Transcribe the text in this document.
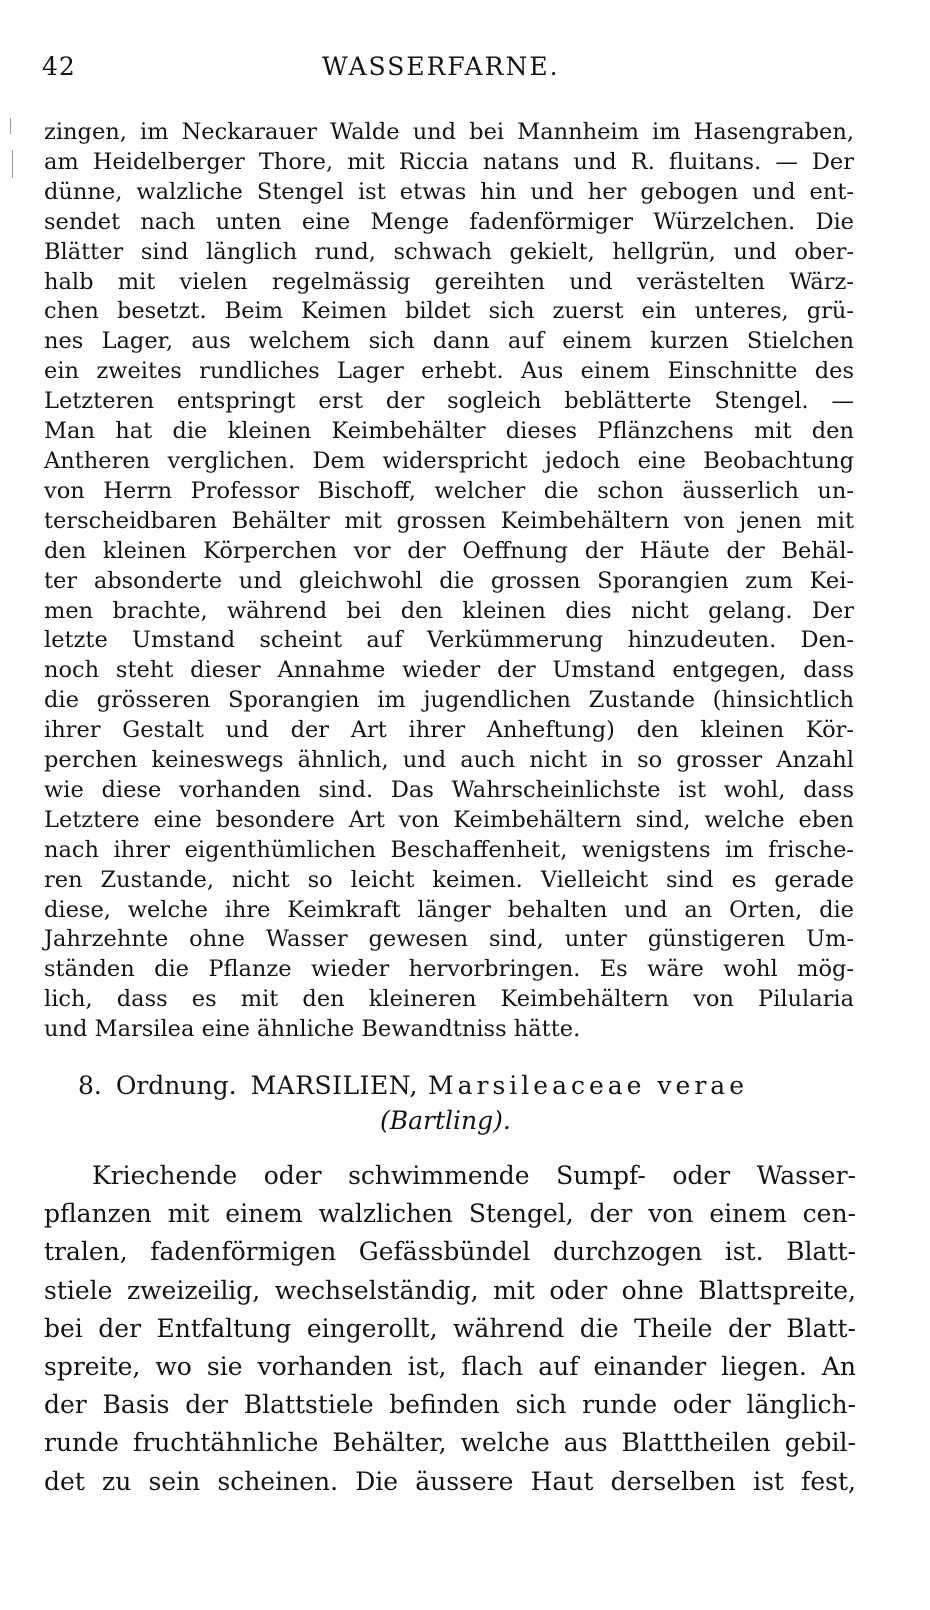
42	WASSERFARNE.
zingen, im Neckarauer Walde und bei Mannheim im Hasengraben,
am Heidelberger Thore, mit Riccia natans und R. fluitans. — Der
dünne, walzliche Stengel ist etwas hin und her gebogen und ent-
sendet nach unten eine Menge fadenförmiger Würzelchen. Die
Blätter sind länglich rund, schwach gekielt, hellgrün, und ober-
halb mit vielen regelmässig gereihten und verästelten Wärz-
chen besetzt. Beim Keimen bildet sich zuerst ein unteres, grü-
nes Lager, aus welchem sich dann auf einem kurzen Stielchen
ein zweites rundliches Lager erhebt. Aus einem Einschnitte des
Letzteren entspringt erst der sogleich beblätterte Stengel. —
Man hat die kleinen Keimbehälter dieses Pflänzchens mit den
Antheren verglichen. Dem widerspricht jedoch eine Beobachtung
von Herrn Professor Bischoff, welcher die schon äusserlich un-
terscheidbaren Behälter mit grossen Keimbehältern von jenen mit
den kleinen Körperchen vor der Oeffnung der Häute der Behäl-
ter absonderte und gleichwohl die grossen Sporangien zum Kei-
men brachte, während bei den kleinen dies nicht gelang. Der
letzte Umstand scheint auf Verkümmerung hinzudeuten. Den-
noch steht dieser Annahme wieder der Umstand entgegen, dass
die grösseren Sporangien im jugendlichen Zustande (hinsichtlich
ihrer Gestalt und der Art ihrer Anheftung) den kleinen Kör-
perchen keineswegs ähnlich, und auch nicht in so grosser Anzahl
wie diese vorhanden sind. Das Wahrscheinlichste ist wohl, dass
Letztere eine besondere Art von Keimbehältern sind, welche eben
nach ihrer eigenthümlichen Beschaffenheit, wenigstens im frische-
ren Zustande, nicht so leicht keimen. Vielleicht sind es gerade
diese, welche ihre Keimkraft länger behalten und an Orten, die
Jahrzehnte ohne Wasser gewesen sind, unter günstigeren Um-
ständen die Pflanze wieder hervorbringen. Es wäre wohl mög-
lich, dass es mit den kleineren Keimbehältern von Pilularia
und Marsilea eine ähnliche Bewandtniss hätte.
8. Ordnung. MARSILIEN, Marsileaceae verae
(Bartling).
Kriechende oder schwimmende Sumpf- oder Wasser-
pflanzen mit einem walzlichen Stengel, der von einem cen-
tralen, fadenförmigen Gefässbündel durchzogen ist. Blatt-
stiele zweizeilig, wechselständig, mit oder ohne Blattspreite,
bei der Entfaltung eingerollt, während die Theile der Blatt-
spreite, wo sie vorhanden ist, flach auf einander liegen. An
der Basis der Blattstiele befinden sich runde oder länglich-
runde fruchtähnliche Behälter, welche aus Blatttheilen gebil-
det zu sein scheinen. Die äussere Haut derselben ist fest,
